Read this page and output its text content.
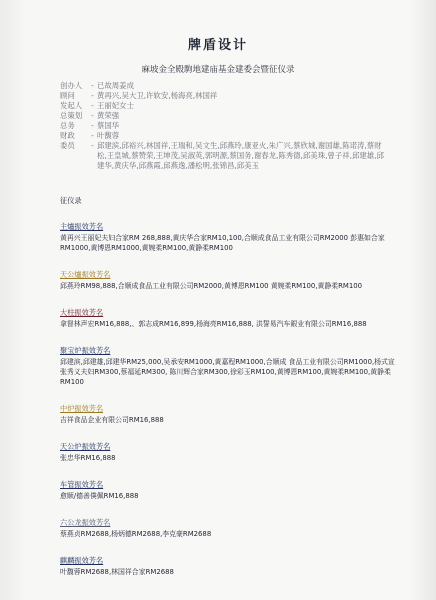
牌盾设计
麻坡金全殿駒地建庙基金建委会暨征仪录
创办人	- 已故周姜成
顾问	- 黄再兴,吴大卫,许软安,杨海亮,林国祥
发起人	- 王丽妃女士
总策划	- 黄荣强
总务	- 蔡国华
财政	- 叶馥蓉
委员	- 邱建滨,邱裕兴,林国祥,王瑞和,吴文生,邱燕玲,康亚火,朱广兴,蔡欣城,谢国雄,陈诺涛,蔡财松,王皇城,蔡赞荣,王坤茂,吴淑英,郭明源,蔡国务,谢春龙,陈秀德,邱美珠,曾子祥,邱建雄,邱建华,黄庆华,邱燕霞,邱燕逸,潘松明,张锦昌,邱美玉
征仪录
主爐振效芳名
黄再兴王丽妃夫妇合家RM 268,888,黄庆华合家RM10,100,合顺成食品工业有限公司RM2000 彭惠如合家RM1000,黄博恩RM1000,黄婉柔RM100,黄静柔RM100
天公爐振效芳名
邱燕玲RM98,888,合顺成食品工业有限公司RM2000,黄博恩RM100 黄婉柔RM100,黄静柔RM100
大柱振效芳名
拿督林声宏RM16,888,、郭志成RM16,899,杨海亮RM16,888, 洪誓易汽车銀业有限公司RM16,888
聚宝炉振效芳名
邱建滨,邱建雄,邱建华RM25,000,吴承安RM1000,黄嘉程RM1000,合顺成 食品工业有限公司RM1000,杨式宣张秀义夫妇RM300,蔡福延RM300, 陈川辉合家RM300,徐彩玉RM100,黄博恩RM100,黄婉柔RM100,黄静柔RM100
中炉振效芳名
吉祥食品企业有限公司RM16,888
天公炉振效芳名
张忠华RM16,888
车管振效芳名
愈顺/德善僕佩RM16,888
六公龙振效芳名
蔡燕贞RM2688,杨炳德RM2688,李克豪RM2688
麒麟振效芳名
叶馥蓉RM2688,林国祥合家RM2688
